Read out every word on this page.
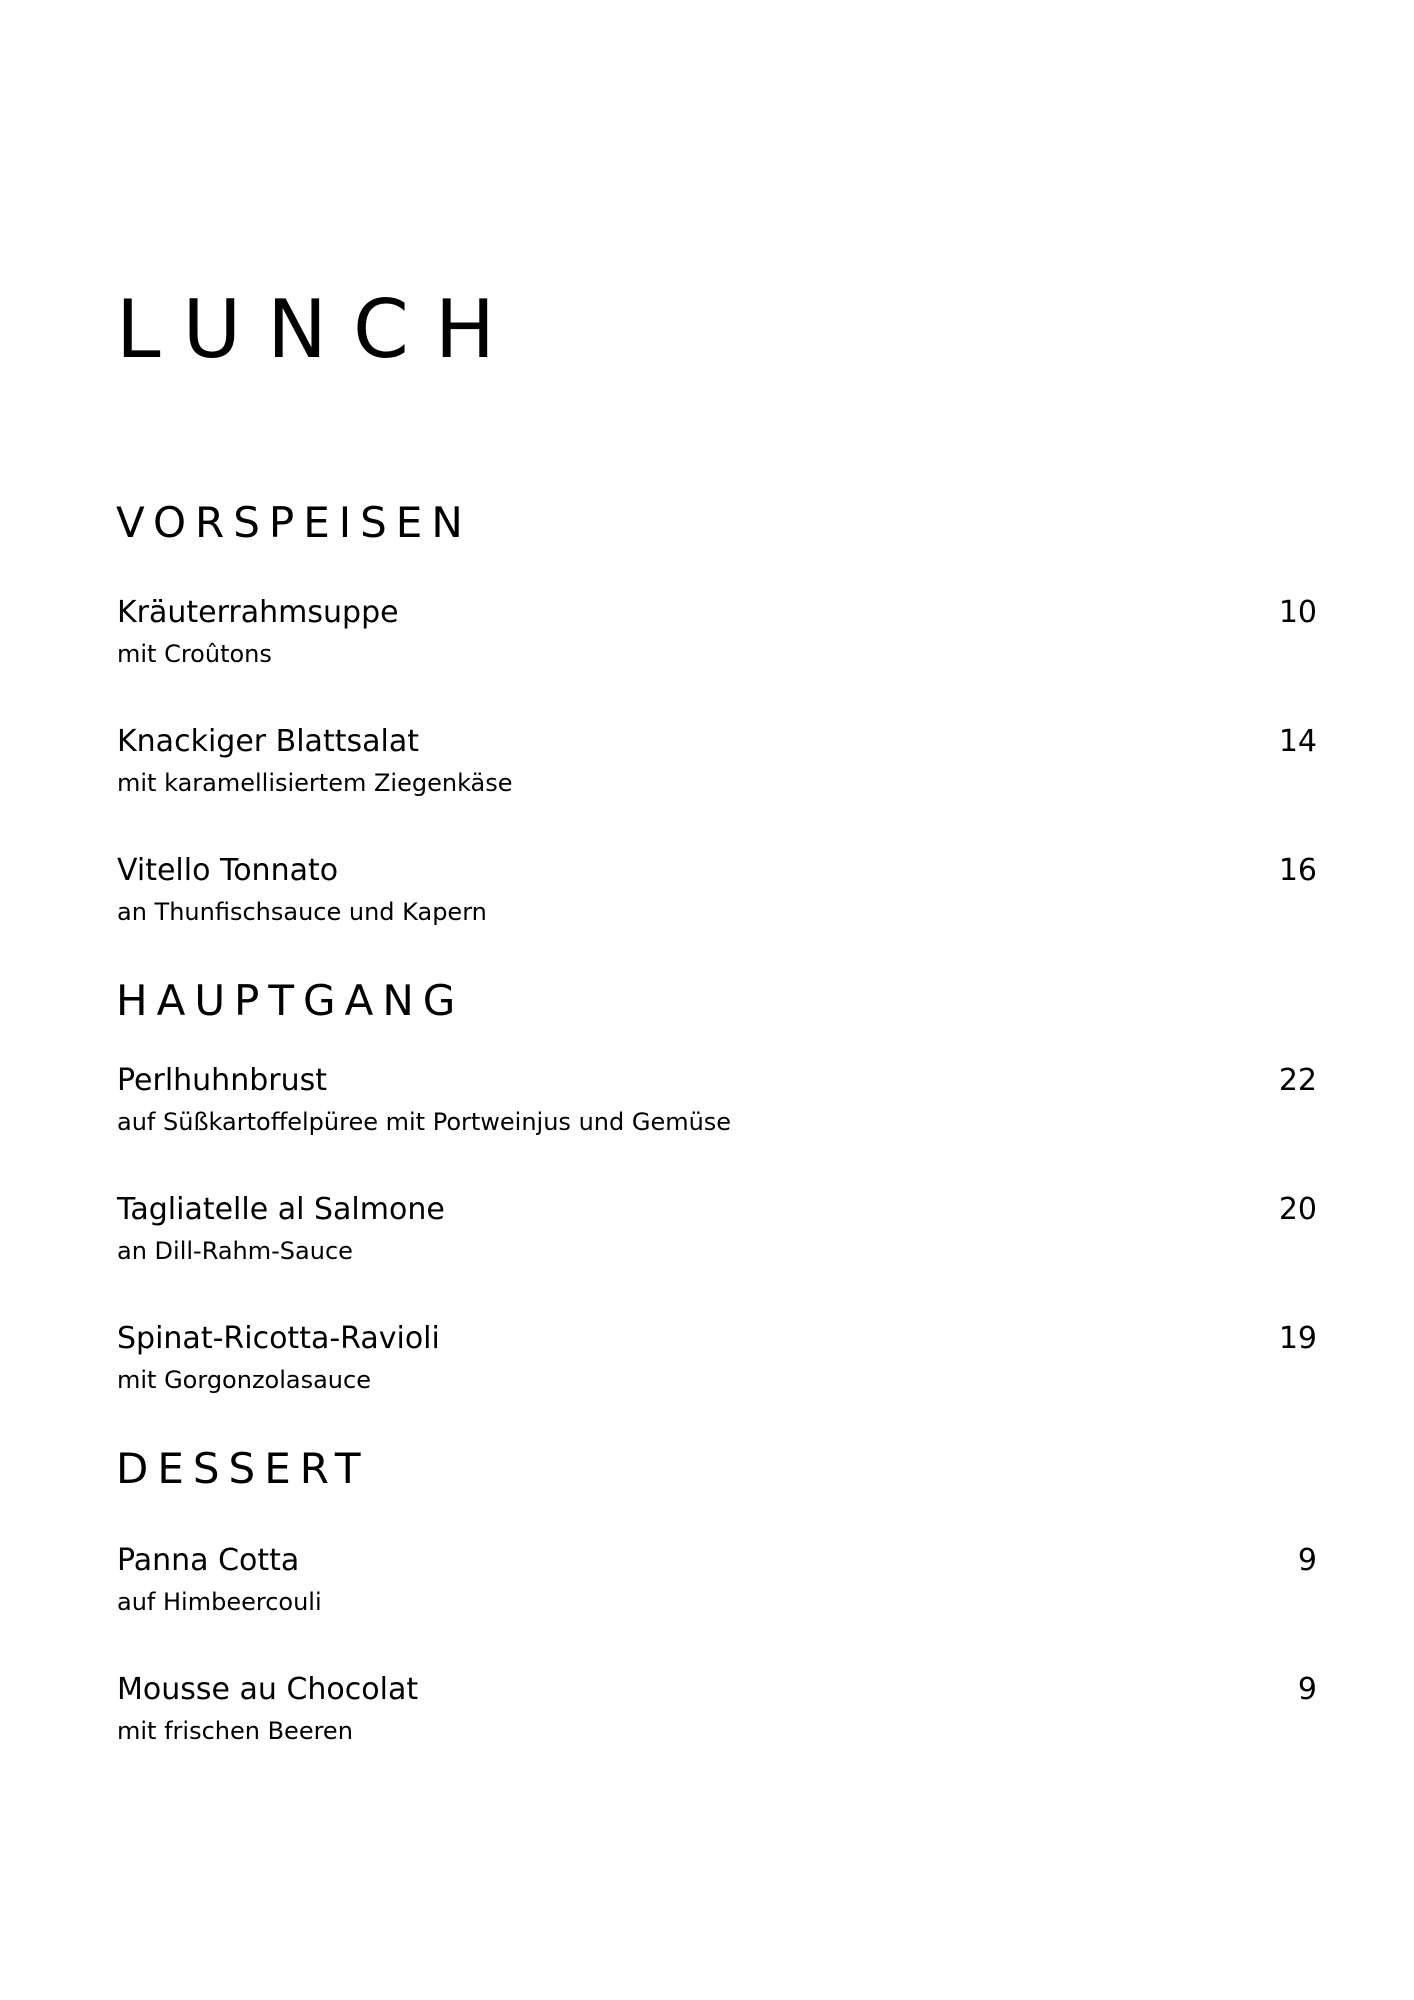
LUNCH
VORSPEISEN
Kräuterrahmsuppe
mit Croûtons
10
Knackiger Blattsalat
mit karamellisiertem Ziegenkäse
14
Vitello Tonnato
an Thunfischsauce und Kapern
16
HAUPTGANG
Perlhuhnbrust
auf Süßkartoffelpüree mit Portweinjus und Gemüse
22
Tagliatelle al Salmone
an Dill-Rahm-Sauce
20
Spinat-Ricotta-Ravioli
mit Gorgonzolasauce
19
DESSERT
Panna Cotta
auf Himbeercouli
9
Mousse au Chocolat
mit frischen Beeren
9
